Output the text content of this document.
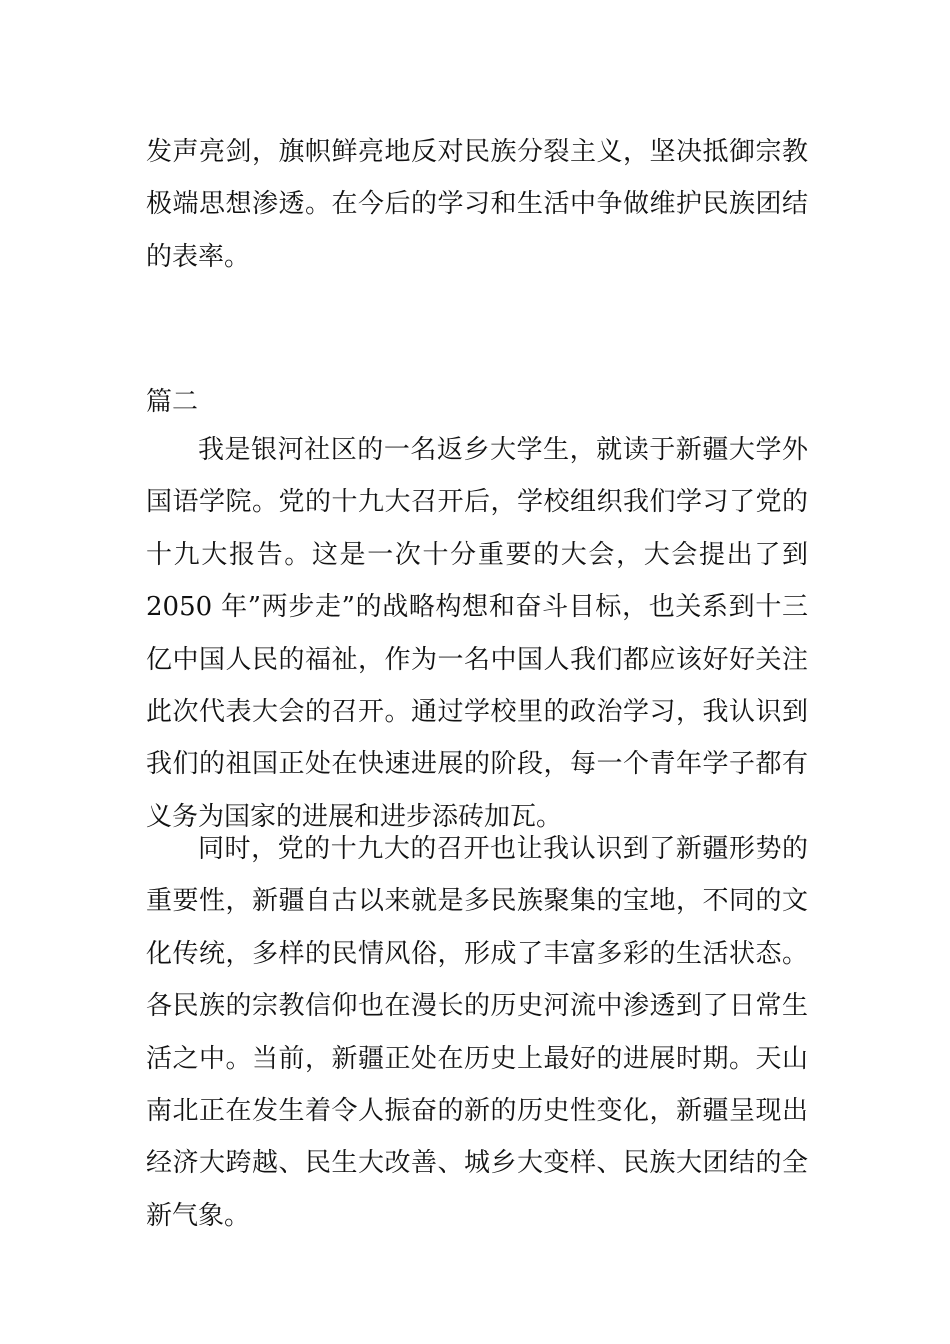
发声亮剑，旗帜鲜亮地反对民族分裂主义，坚决抵御宗教
极端思想渗透。在今后的学习和生活中争做维护民族团结
的表率。
篇二
我是银河社区的一名返乡大学生，就读于新疆大学外
国语学院。党的十九大召开后，学校组织我们学习了党的
十九大报告。这是一次十分重要的大会，大会提出了到
2050 年”两步走”的战略构想和奋斗目标，也关系到十三
亿中国人民的福祉，作为一名中国人我们都应该好好关注
此次代表大会的召开。通过学校里的政治学习，我认识到
我们的祖国正处在快速进展的阶段，每一个青年学子都有
义务为国家的进展和进步添砖加瓦。
同时，党的十九大的召开也让我认识到了新疆形势的
重要性，新疆自古以来就是多民族聚集的宝地，不同的文
化传统，多样的民情风俗，形成了丰富多彩的生活状态。
各民族的宗教信仰也在漫长的历史河流中渗透到了日常生
活之中。当前，新疆正处在历史上最好的进展时期。天山
南北正在发生着令人振奋的新的历史性变化，新疆呈现出
经济大跨越、民生大改善、城乡大变样、民族大团结的全
新气象。
